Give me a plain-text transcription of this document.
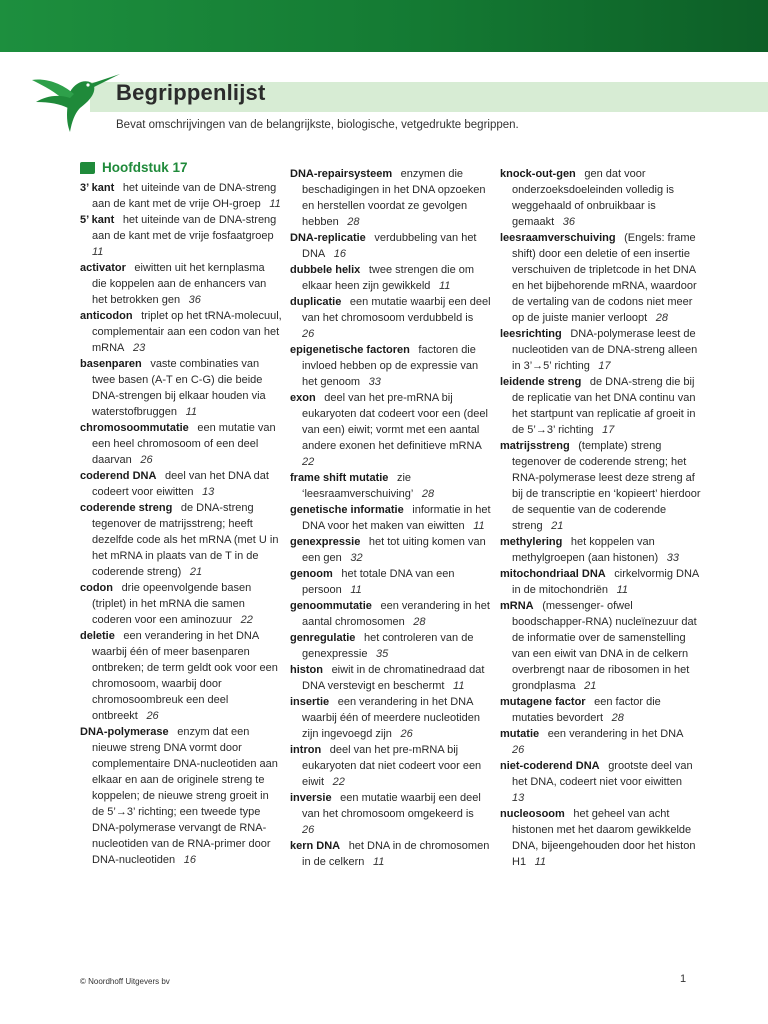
Begrippenlijst

Bevat omschrijvingen van de belangrijkste, biologische, vetgedrukte begrippen.

Hoofdstuk 17

3’ kant  het uiteinde van de DNA-streng aan de kant met de vrije OH-groep  11

5’ kant  het uiteinde van de DNA-streng aan de kant met de vrije fosfaatgroep  11

activator  eiwitten uit het kernplasma die koppelen aan de enhancers van het betrokken gen  36

anticodon  triplet op het tRNA-molecuul, complementair aan een codon van het mRNA  23

basenparen  vaste combinaties van twee basen (A-T en C-G) die beide DNA-strengen bij elkaar houden via waterstofbruggen  11

chromosoommutatie  een mutatie van een heel chromosoom of een deel daarvan  26

coderend DNA  deel van het DNA dat codeert voor eiwitten  13

coderende streng  de DNA-streng tegenover de matrijsstreng; heeft dezelfde code als het mRNA (met U in het mRNA in plaats van de T in de coderende streng)  21

codon  drie opeenvolgende basen (triplet) in het mRNA die samen coderen voor een aminozuur  22

deletie  een verandering in het DNA waarbij één of meer basenparen ontbreken; de term geldt ook voor een chromosoom, waarbij door chromosoombreuk een deel ontbreekt  26

DNA-polymerase  enzym dat een nieuwe streng DNA vormt door complementaire DNA-nucleotiden aan elkaar en aan de originele streng te koppelen; de nieuwe streng groeit in de 5’→3’ richting; een tweede type DNA-polymerase vervangt de RNA-nucleotiden van de RNA-primer door DNA-nucleotiden  16

DNA-repairsysteem  enzymen die beschadigingen in het DNA opzoeken en herstellen voordat ze gevolgen hebben  28

DNA-replicatie  verdubbeling van het DNA  16

dubbele helix  twee strengen die om elkaar heen zijn gewikkeld  11

duplicatie  een mutatie waarbij een deel van het chromosoom verdubbeld is  26

epigenetische factoren  factoren die invloed hebben op de expressie van het genoom  33

exon  deel van het pre-mRNA bij eukaryoten dat codeert voor een (deel van een) eiwit; vormt met een aantal andere exonen het definitieve mRNA  22

frame shift mutatie  zie ‘leesraamverschuiving’  28

genetische informatie  informatie in het DNA voor het maken van eiwitten  11

genexpressie  het tot uiting komen van een gen  32

genoom  het totale DNA van een persoon  11

genoommutatie  een verandering in het aantal chromosomen  28

genregulatie  het controleren van de genexpressie  35

histon  eiwit in de chromatinedraad dat DNA verstevigt en beschermt  11

insertie  een verandering in het DNA waarbij één of meerdere nucleotiden zijn ingevoegd zijn  26

intron  deel van het pre-mRNA bij eukaryoten dat niet codeert voor een eiwit  22

inversie  een mutatie waarbij een deel van het chromosoom omgekeerd is  26

kern DNA  het DNA in de chromosomen in de celkern  11

knock-out-gen  gen dat voor onderzoeksdoeleinden volledig is weggehaald of onbruikbaar is gemaakt  36

leesraamverschuiving  (Engels: frame shift) door een deletie of een insertie verschuiven de tripletcode in het DNA en het bijbehorende mRNA, waardoor de vertaling van de codons niet meer op de juiste manier verloopt  28

leesrichting  DNA-polymerase leest de nucleotiden van de DNA-streng alleen in 3’→5’ richting  17

leidende streng  de DNA-streng die bij de replicatie van het DNA continu van het startpunt van replicatie af groeit in de 5’→3’ richting  17

matrijsstreng  (template) streng tegenover de coderende streng; het RNA-polymerase leest deze streng af bij de transcriptie en ‘kopieert’ hierdoor de sequentie van de coderende streng  21

methylering  het koppelen van methylgroepen (aan histonen)  33

mitochondriaal DNA  cirkelvormig DNA in de mitochondriën  11

mRNA  (messenger- ofwel boodschapper-RNA) nucleïnezuur dat de informatie over de samenstelling van een eiwit van DNA in de celkern overbrengt naar de ribosomen in het grondplasma  21

mutagene factor  een factor die mutaties bevordert  28

mutatie  een verandering in het DNA  26

niet-coderend DNA  grootste deel van het DNA, codeert niet voor eiwitten  13

nucleosoom  het geheel van acht histonen met het daarom gewikkelde DNA, bijeengehouden door het histon H1  11

© Noordhoff Uitgevers bv	1
